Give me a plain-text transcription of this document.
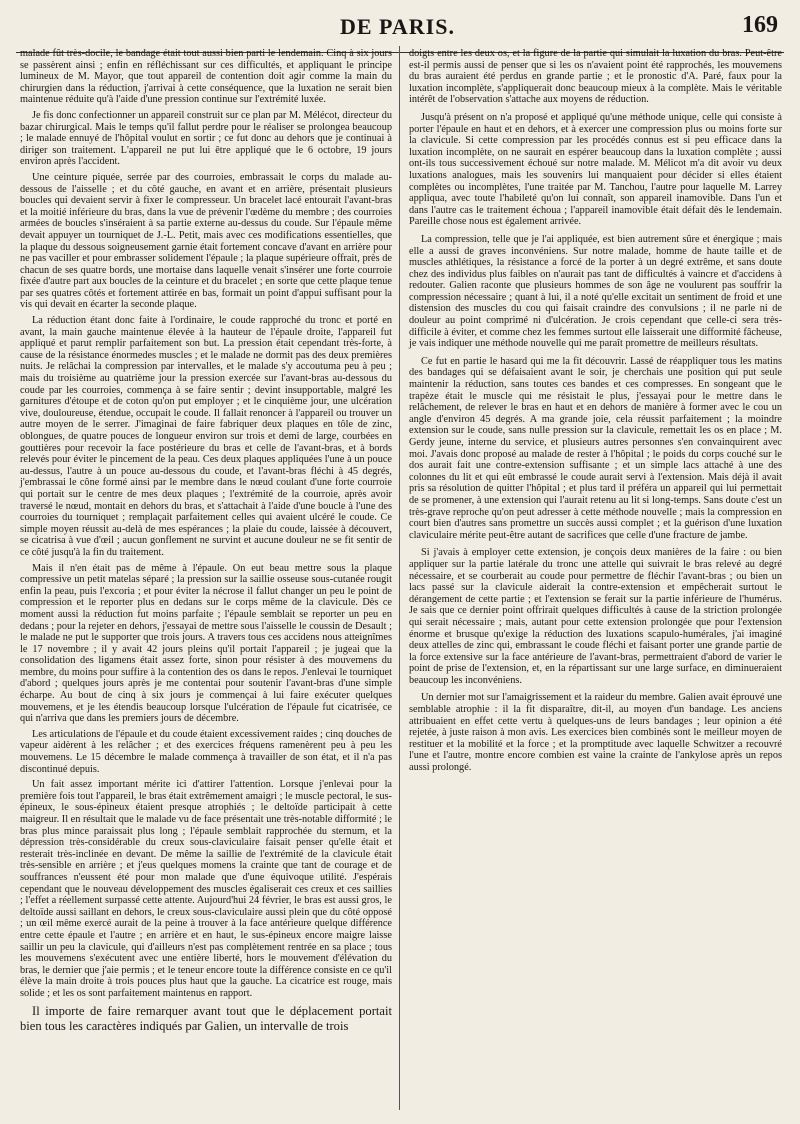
DE PARIS.	169

malade fût très-docile, le bandage était tout aussi bien parti le lendemain. Cinq à six jours se passèrent ainsi ; enfin en réfléchissant sur ces difficultés, et appliquant le principe lumineux de M. Mayor, que tout appareil de contention doit agir comme la main du chirurgien dans la réduction, j'arrivai à cette conséquence, que la luxation ne serait bien maintenue réduite qu'à l'aide d'une pression continue sur l'extrémité luxée.

Je fis donc confectionner un appareil construit sur ce plan par M. Mélécot, directeur du bazar chirurgical. Mais le temps qu'il fallut perdre pour le réaliser se prolongea beaucoup ; le malade ennuyé de l'hôpital voulut en sortir ; ce fut donc au dehors que je continuai à diriger son traitement. L'appareil ne put lui être appliqué que le 6 octobre, 19 jours environ après l'accident.

Une ceinture piquée, serrée par des courroies, embrassait le corps du malade au-dessous de l'aisselle ; et du côté gauche, en avant et en arrière, présentait plusieurs boucles qui devaient servir à fixer le compresseur. Un bracelet lacé entourait l'avant-bras et la moitié inférieure du bras, dans la vue de prévenir l'œdème du membre ; des courroies armées de boucles s'inséraient à sa partie externe au-dessus du coude. Sur l'épaule même devait appuyer un tourniquet de J.-L. Petit, mais avec ces modifications essentielles, que la plaque du dessous soigneusement garnie était fortement concave d'avant en arrière pour ne pas vaciller et pour embrasser solidement l'épaule ; la plaque supérieure offrait, près de chacun de ses quatre bords, une mortaise dans laquelle venait s'insérer une forte courroie fixée d'autre part aux boucles de la ceinture et du bracelet ; en sorte que cette plaque tenue par ses quatres côtés et fortement attirée en bas, formait un point d'appui suffisant pour la vis qui devait en écarter la seconde plaque.

La réduction étant donc faite à l'ordinaire, le coude rapproché du tronc et porté en avant, la main gauche maintenue élevée à la hauteur de l'épaule droite, l'appareil fut appliqué et parut remplir parfaitement son but. La pression était cependant très-forte, à cause de la résistance énormedes muscles ; et le malade ne dormit pas des deux premières nuits. Je relâchai la compression par intervalles, et le malade s'y accoutuma peu à peu ; mais du troisième au quatrième jour la pression exercée sur l'avant-bras au-dessous du coude par les courroies, commença à se faire sentir ; devint insupportable, malgré les garnitures d'étoupe et de coton qu'on put employer ; et le cinquième jour, une ulcération vive, douloureuse, étendue, occupait le coude. Il fallait renoncer à l'appareil ou trouver un autre moyen de le serrer. J'imaginai de faire fabriquer deux plaques en tôle de zinc, oblongues, de quatre pouces de longueur environ sur trois et demi de large, courbées en gouttières pour recevoir la face postérieure du bras et celle de l'avant-bras, et à bords relevés pour éviter le pincement de la peau. Ces deux plaques appliquées l'une à un pouce au-dessus, l'autre à un pouce au-dessous du coude, et l'avant-bras fléchi à 45 degrés, j'embrassai le cône formé ainsi par le membre dans le nœud coulant d'une forte courroie qui portait sur le centre de mes deux plaques ; l'extrémité de la courroie, après avoir traversé le nœud, montait en dehors du bras, et s'attachait à l'aide d'une boucle à l'une des courroies du tourniquet ; remplaçait parfaitement celles qui avaient ulcéré le coude. Ce simple moyen réussit au-delà de mes espérances ; la plaie du coude, laissée à découvert, se cicatrisa à vue d'œil ; aucun gonflement ne survint et aucune douleur ne se fit sentir de ce côté jusqu'à la fin du traitement.

Mais il n'en était pas de même à l'épaule. On eut beau mettre sous la plaque compressive un petit matelas séparé ; la pression sur la saillie osseuse sous-cutanée rougit enfin la peau, puis l'excoria ; et pour éviter la nécrose il fallut changer un peu le point de compression et le reporter plus en dedans sur le corps même de la clavicule. Dès ce moment aussi la réduction fut moins parfaite ; l'épaule semblait se reporter un peu en dedans ; pour la rejeter en dehors, j'essayai de mettre sous l'aisselle le coussin de Desault ; le malade ne put le supporter que trois jours. A travers tous ces accidens nous atteignîmes le 17 novembre ; il y avait 42 jours pleins qu'il portait l'appareil ; je jugeai que la consolidation des ligamens était assez forte, sinon pour résister à des mouvemens du membre, du moins pour suffire à la contention des os dans le repos. J'enlevai le tourniquet d'abord ; quelques jours après je me contentai pour soutenir l'avant-bras d'une simple écharpe. Au bout de cinq à six jours je commençai à lui faire exécuter quelques mouvemens, et je les étendis beaucoup lorsque l'ulcération de l'épaule fut cicatrisée, ce qui n'arriva que dans les premiers jours de décembre.

Les articulations de l'épaule et du coude étaient excessivement raides ; cinq douches de vapeur aidèrent à les relâcher ; et des exercices fréquens ramenèrent peu à peu les mouvemens. Le 15 décembre le malade commença à travailler de son état, et il n'a pas discontinué depuis.

Un fait assez important mérite ici d'attirer l'attention. Lorsque j'enlevai pour la première fois tout l'appareil, le bras était extrêmement amaigri ; le muscle pectoral, le sus-épineux, le sous-épineux étaient presque atrophiés ; le deltoïde participait à cette maigreur. Il en résultait que le malade vu de face présentait une très-notable difformité ; le bras plus mince paraissait plus long ; l'épaule semblait rapprochée du sternum, et la dépression très-considérable du creux sous-claviculaire faisait penser qu'elle était et resterait très-inclinée en devant. De même la saillie de l'extrémité de la clavicule était très-sensible en arrière ; et j'eus quelques momens la crainte que tant de courage et de souffrances n'eussent été pour mon malade que d'une équivoque utilité. J'espérais cependant que le nouveau développement des muscles égaliserait ces creux et ces saillies ; l'effet a réellement surpassé cette attente. Aujourd'hui 24 février, le bras est aussi gros, le deltoïde aussi saillant en dehors, le creux sous-claviculaire aussi plein que du côté opposé ; un œil même exercé aurait de la peine à trouver à la face antérieure quelque différence entre cette épaule et l'autre ; en arrière et en haut, le sus-épineux encore maigre laisse saillir un peu la clavicule, qui d'ailleurs n'est pas complètement rentrée en sa place ; tous les mouvemens s'exécutent avec une entière liberté, hors le mouvement d'élévation du bras, le dernier que j'aie permis ; et le teneur encore toute la différence consiste en ce qu'il élève la main droite à trois pouces plus haut que la gauche. La cicatrice est rouge, mais solide ; et les os sont parfaitement maintenus en rapport.

Il importe de faire remarquer avant tout que le déplacement portait bien tous les caractères indiqués par Galien, un intervalle de trois

doigts entre les deux os, et la figure de la partie qui simulait la luxation du bras. Peut-être est-il permis aussi de penser que si les os n'avaient point été rapprochés, les mouvemens du bras auraient été perdus en grande partie ; et le pronostic d'A. Paré, faux pour la luxation incomplète, s'appliquerait donc beaucoup mieux à la complète. Mais le véritable intérêt de l'observation s'attache aux moyens de réduction.

Jusqu'à présent on n'a proposé et appliqué qu'une méthode unique, celle qui consiste à porter l'épaule en haut et en dehors, et à exercer une compression plus ou moins forte sur la clavicule. Si cette compression par les procédés connus est si peu efficace dans la luxation incomplète, on ne saurait en espérer beaucoup dans la luxation complète ; aussi ont-ils tous successivement échoué sur notre malade. M. Mélicot m'a dit avoir vu deux luxations analogues, mais les souvenirs lui manquaient pour décider si elles étaient complètes ou incomplètes, l'une traitée par M. Tanchou, l'autre pour laquelle M. Larrey appliqua, avec toute l'habileté qu'on lui connaît, son appareil inamovible. Dans l'un et dans l'autre cas le traitement échoua ; l'appareil inamovible était défait dès le lendemain. Pareille chose nous est également arrivée.

La compression, telle que je l'ai appliquée, est bien autrement sûre et énergique ; mais elle a aussi de graves inconvéniens. Sur notre malade, homme de haute taille et de muscles athlétiques, la résistance a forcé de la porter à un degré extrême, et sans doute chez des individus plus faibles on n'aurait pas tant de difficultés à vaincre et d'accidens à redouter. Galien raconte que plusieurs hommes de son âge ne voulurent pas souffrir la compression nécessaire ; quant à lui, il a noté qu'elle excitait un sentiment de froid et une distension des muscles du cou qui faisait craindre des convulsions ; il ne parle ni de douleur au point comprimé ni d'ulcération. Je crois cependant que celle-ci sera très-difficile à éviter, et comme chez les femmes surtout elle laisserait une difformité fâcheuse, je vais indiquer une méthode nouvelle qui me paraît promettre de meilleurs résultats.

Ce fut en partie le hasard qui me la fit découvrir. Lassé de réappliquer tous les matins des bandages qui se défaisaient avant le soir, je cherchais une position qui put seule maintenir la réduction, sans toutes ces bandes et ces compresses. En songeant que le trapèze était le muscle qui me résistait le plus, j'essayai pour le mettre dans le relâchement, de relever le bras en haut et en dehors de manière à former avec le cou un angle d'environ 45 degrés. A ma grande joie, cela réussit parfaitement ; la moindre extension sur le coude, sans nulle pression sur la clavicule, remettait les os en place ; M. Gerdy jeune, interne du service, et plusieurs autres personnes s'en convainquirent avec moi. J'avais donc proposé au malade de rester à l'hôpital ; le poids du corps couché sur le dos aurait fait une contre-extension suffisante ; et un simple lacs attaché à une des colonnes du lit et qui eût embrassé le coude aurait servi à l'extension. Mais déjà il avait pris sa résolution de quitter l'hôpital ; et plus tard il préféra un appareil qui lui permettait de se promener, à une extension qui l'aurait retenu au lit si long-temps. Sans doute c'est un très-grave reproche qu'on peut adresser à cette méthode nouvelle ; mais la compression en court bien d'autres sans promettre un succès aussi complet ; et la guérison d'une luxation claviculaire mérite peut-être autant de sacrifices que celle d'une fracture de jambe.

Si j'avais à employer cette extension, je conçois deux manières de la faire : ou bien appliquer sur la partie latérale du tronc une attelle qui suivrait le bras relevé au degré nécessaire, et se courberait au coude pour permettre de fléchir l'avant-bras ; ou bien un lacs passé sur la clavicule aiderait la contre-extension et empêcherait surtout le dérangement de cette partie ; et l'extension se ferait sur la partie inférieure de l'humérus. Je sais que ce dernier point offrirait quelques difficultés à cause de la striction prolongée qui serait nécessaire ; mais, autant pour cette extension prolongée que pour l'extension énorme et brusque qu'exige la réduction des luxations scapulo-humérales, j'ai imaginé deux attelles de zinc qui, embrassant le coude fléchi et faisant porter une grande partie de la force extensive sur la face antérieure de l'avant-bras, permettraient d'abord de varier le point de prise de l'extension, et, en la répartissant sur une large surface, en diminueraient beaucoup les inconvéniens.

Un dernier mot sur l'amaigrissement et la raideur du membre. Galien avait éprouvé une semblable atrophie : il la fit disparaître, dit-il, au moyen d'un bandage. Les anciens attribuaient en effet cette vertu à quelques-uns de leurs bandages ; leur opinion a été rejetée, à juste raison à mon avis. Les exercices bien combinés sont le meilleur moyen de restituer et la mobilité et la force ; et la promptitude avec laquelle Schwitzer a recouvré l'une et l'autre, montre encore combien est vaine la crainte de l'ankylose après un repos aussi prolongé.
